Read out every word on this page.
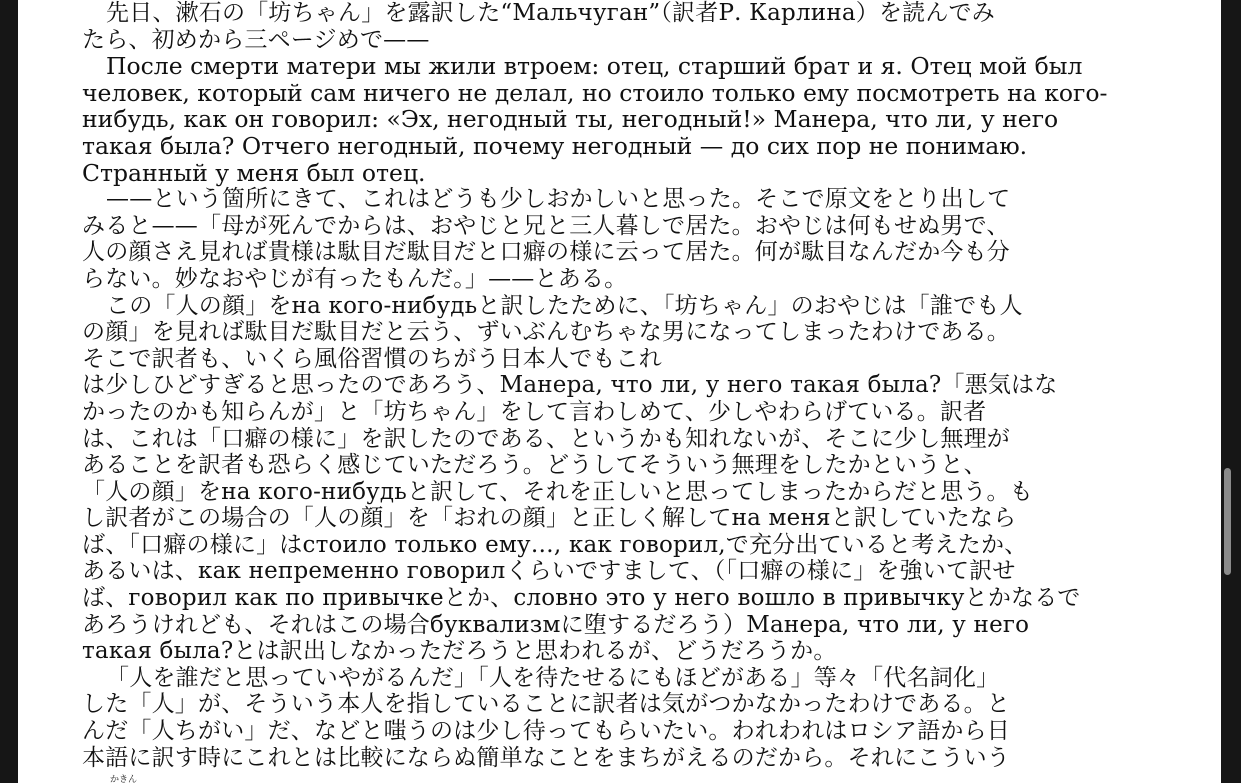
先日、漱石の「坊ちゃん」を露訳した“Мальчуган”（訳者Р. Карлина）を読んでみ
たら、初めから三ページめで——
После смерти матери мы жили втроем: отец, старший брат и я. Отец мой был
человек, который сам ничего не делал, но стоило только ему посмотреть на кого-
нибудь, как он говорил: «Эх, негодный ты, негодный!» Манера, что ли, у него
такая была? Отчего негодный, почему негодный — до сих пор не понимаю.
Странный у меня был отец.
——という箇所にきて、これはどうも少しおかしいと思った。そこで原文をとり出して
みると——「母が死んでからは、おやじと兄と三人暮しで居た。おやじは何もせぬ男で、
人の顔さえ見れば貴様は駄目だ駄目だと口癖の様に云って居た。何が駄目なんだか今も分
らない。妙なおやじが有ったもんだ。」——とある。
この「人の顔」をна кого-нибудьと訳したために、「坊ちゃん」のおやじは「誰でも人
の顔」を見れば駄目だ駄目だと云う、ずいぶんむちゃな男になってしまったわけである。
そこで訳者も、いくら風俗習慣のちがう日本人でもこれ
は少しひどすぎると思ったのであろう、Манера, что ли, у него такая была?「悪気はな
かったのかも知らんが」と「坊ちゃん」をして言わしめて、少しやわらげている。訳者
は、これは「口癖の様に」を訳したのである、というかも知れないが、そこに少し無理が
あることを訳者も恐らく感じていただろう。どうしてそういう無理をしたかというと、
「人の顔」をна кого-нибудьと訳して、それを正しいと思ってしまったからだと思う。も
し訳者がこの場合の「人の顔」を「おれの顔」と正しく解してна меняと訳していたなら
ば、「口癖の様に」はстоило только ему…, как говорил,で充分出ていると考えたか、
あるいは、как непременно говорилくらいですまして、（「口癖の様に」を強いて訳せ
ば、говорил как по привычкеとか、словно это у него вошло в привычкуとかなるで
あろうけれども、それはこの場合буквализмに堕するだろう）Манера, что ли, у него
такая была?とは訳出しなかっただろうと思われるが、どうだろうか。
「人を誰だと思っていやがるんだ」「人を待たせるにもほどがある」等々「代名詞化」
した「人」が、そういう本人を指していることに訳者は気がつかなかったわけである。と
んだ「人ちがい」だ、などと嗤うのは少し待ってもらいたい。われわれはロシア語から日
本語に訳す時にこれとは比較にならぬ簡単なことをまちがえるのだから。それにこういう
かきん
